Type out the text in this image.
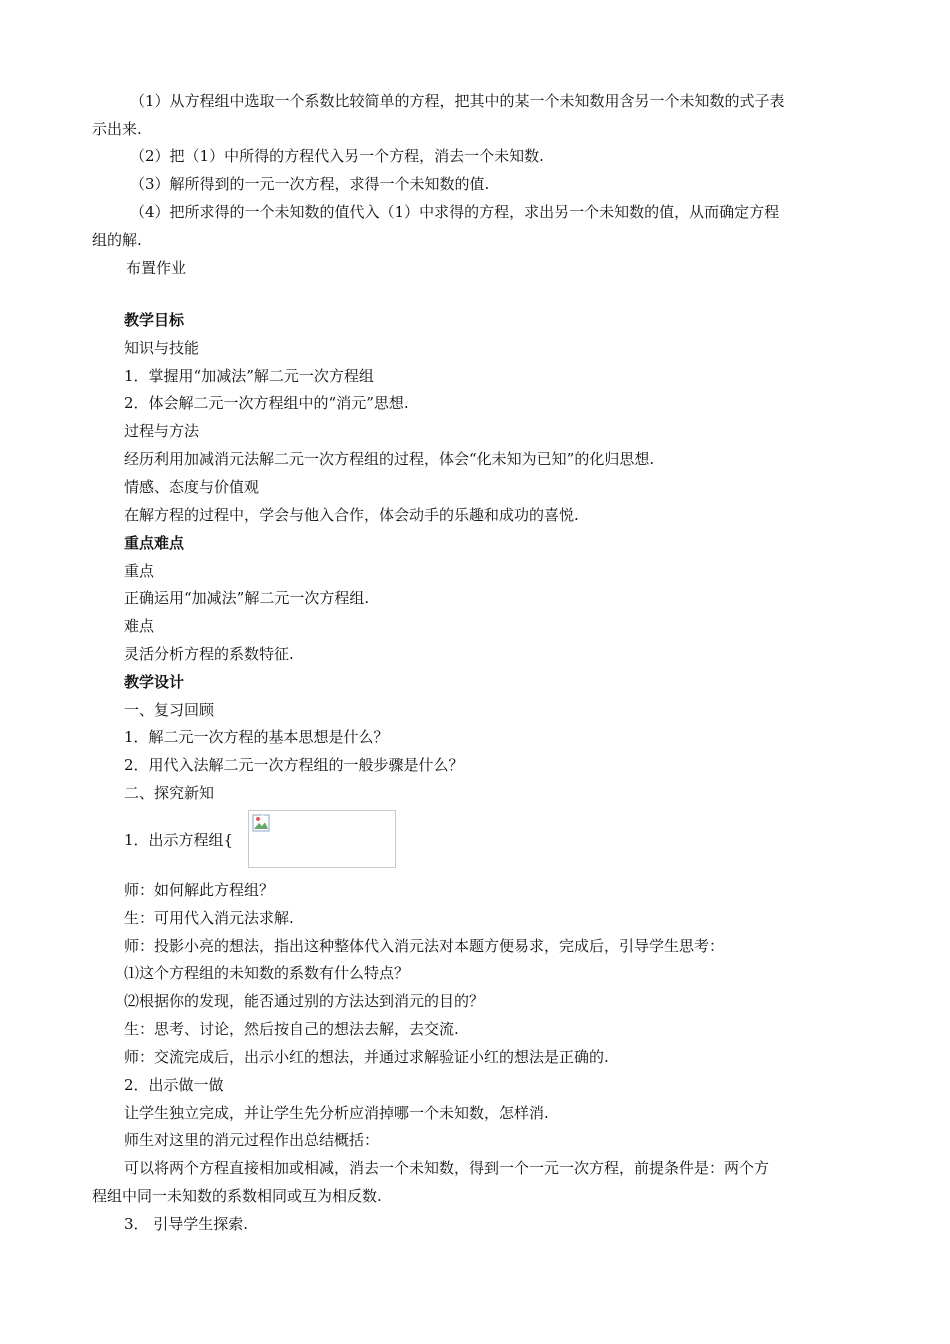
（1）从方程组中选取一个系数比较简单的方程，把其中的某一个未知数用含另一个未知数的式子表
示出来.
（2）把（1）中所得的方程代入另一个方程，消去一个未知数.
（3）解所得到的一元一次方程，求得一个未知数的值.
（4）把所求得的一个未知数的值代入（1）中求得的方程，求出另一个未知数的值，从而确定方程
组的解.
布置作业
教学目标
知识与技能
1．掌握用“加减法”解二元一次方程组
2．体会解二元一次方程组中的“消元”思想.
过程与方法
经历利用加减消元法解二元一次方程组的过程，体会“化未知为已知”的化归思想.
情感、态度与价值观
在解方程的过程中，学会与他入合作，体会动手的乐趣和成功的喜悦.
重点难点
重点
正确运用“加减法”解二元一次方程组.
难点
灵活分析方程的系数特征.
教学设计
一、复习回顾
1．解二元一次方程的基本思想是什么？
2．用代入法解二元一次方程组的一般步骤是什么？
二、探究新知
1．出示方程组{
师：如何解此方程组？
生：可用代入消元法求解.
师：投影小亮的想法，指出这种整体代入消元法对本题方便易求，完成后，引导学生思考：
⑴这个方程组的未知数的系数有什么特点？
⑵根据你的发现，能否通过别的方法达到消元的目的？
生：思考、讨论，然后按自己的想法去解，去交流.
师：交流完成后，出示小红的想法，并通过求解验证小红的想法是正确的.
2．出示做一做
让学生独立完成，并让学生先分析应消掉哪一个未知数，怎样消.
师生对这里的消元过程作出总结概括：
可以将两个方程直接相加或相减，消去一个未知数，得到一个一元一次方程，前提条件是：两个方
程组中同一未知数的系数相同或互为相反数.
3． 引导学生探索.
